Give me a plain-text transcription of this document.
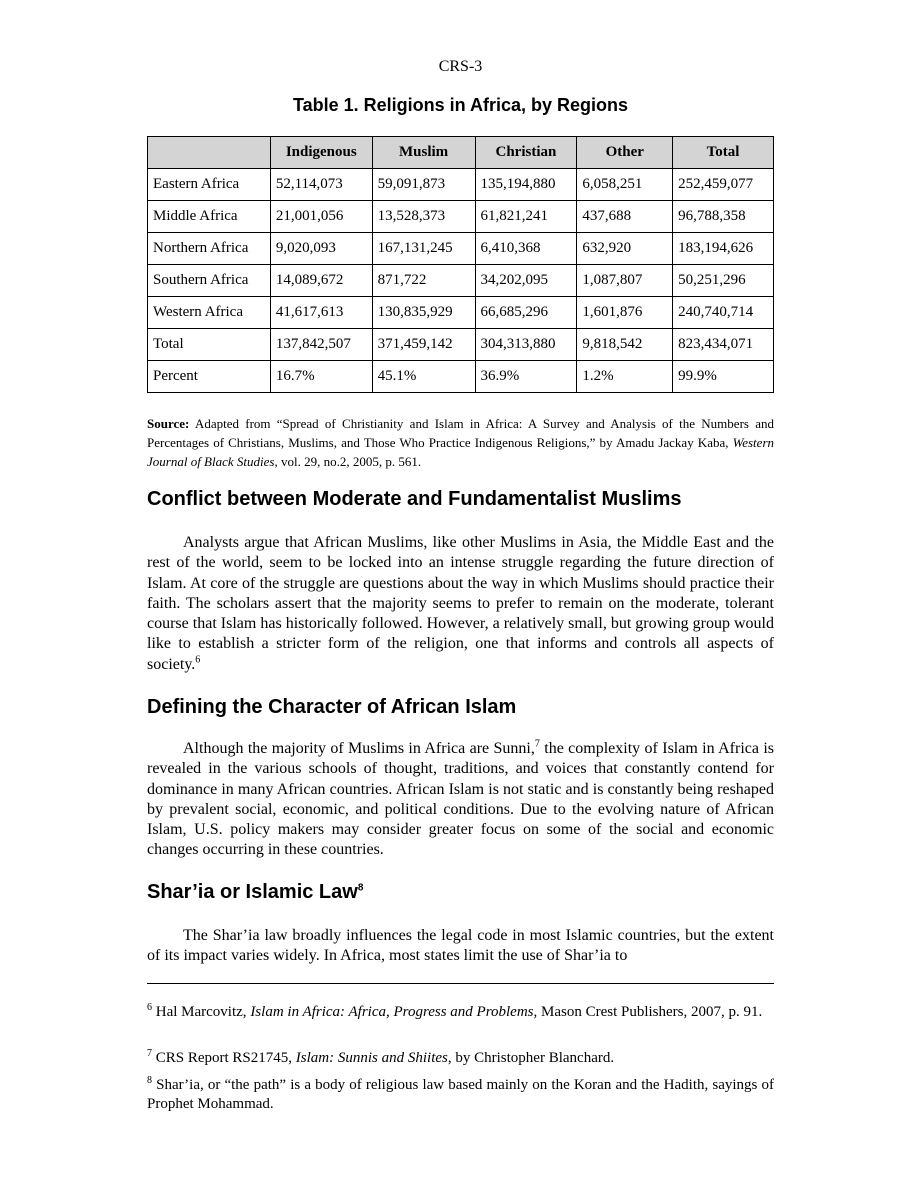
CRS-3
Table 1. Religions in Africa, by Regions
	Indigenous	Muslim	Christian	Other	Total
Eastern Africa	52,114,073	59,091,873	135,194,880	6,058,251	252,459,077
Middle Africa	21,001,056	13,528,373	61,821,241	437,688	96,788,358
Northern Africa	9,020,093	167,131,245	6,410,368	632,920	183,194,626
Southern Africa	14,089,672	871,722	34,202,095	1,087,807	50,251,296
Western Africa	41,617,613	130,835,929	66,685,296	1,601,876	240,740,714
Total	137,842,507	371,459,142	304,313,880	9,818,542	823,434,071
Percent	16.7%	45.1%	36.9%	1.2%	99.9%
Source: Adapted from “Spread of Christianity and Islam in Africa: A Survey and Analysis of the Numbers and Percentages of Christians, Muslims, and Those Who Practice Indigenous Religions,” by Amadu Jackay Kaba, Western Journal of Black Studies, vol. 29, no.2, 2005, p. 561.
Conflict between Moderate and Fundamentalist Muslims
Analysts argue that African Muslims, like other Muslims in Asia, the Middle East and the rest of the world, seem to be locked into an intense struggle regarding the future direction of Islam. At core of the struggle are questions about the way in which Muslims should practice their faith. The scholars assert that the majority seems to prefer to remain on the moderate, tolerant course that Islam has historically followed. However, a relatively small, but growing group would like to establish a stricter form of the religion, one that informs and controls all aspects of society.$^6$
Defining the Character of African Islam
Although the majority of Muslims in Africa are Sunni,$^7$ the complexity of Islam in Africa is revealed in the various schools of thought, traditions, and voices that constantly contend for dominance in many African countries. African Islam is not static and is constantly being reshaped by prevalent social, economic, and political conditions. Due to the evolving nature of African Islam, U.S. policy makers may consider greater focus on some of the social and economic changes occurring in these countries.
Shar’ia or Islamic Law$^8$
The Shar’ia law broadly influences the legal code in most Islamic countries, but the extent of its impact varies widely. In Africa, most states limit the use of Shar’ia to
$^6$ Hal Marcovitz, Islam in Africa: Africa, Progress and Problems, Mason Crest Publishers, 2007, p. 91.
$^7$ CRS Report RS21745, Islam: Sunnis and Shiites, by Christopher Blanchard.
$^8$ Shar’ia, or “the path” is a body of religious law based mainly on the Koran and the Hadith, sayings of Prophet Mohammad.
